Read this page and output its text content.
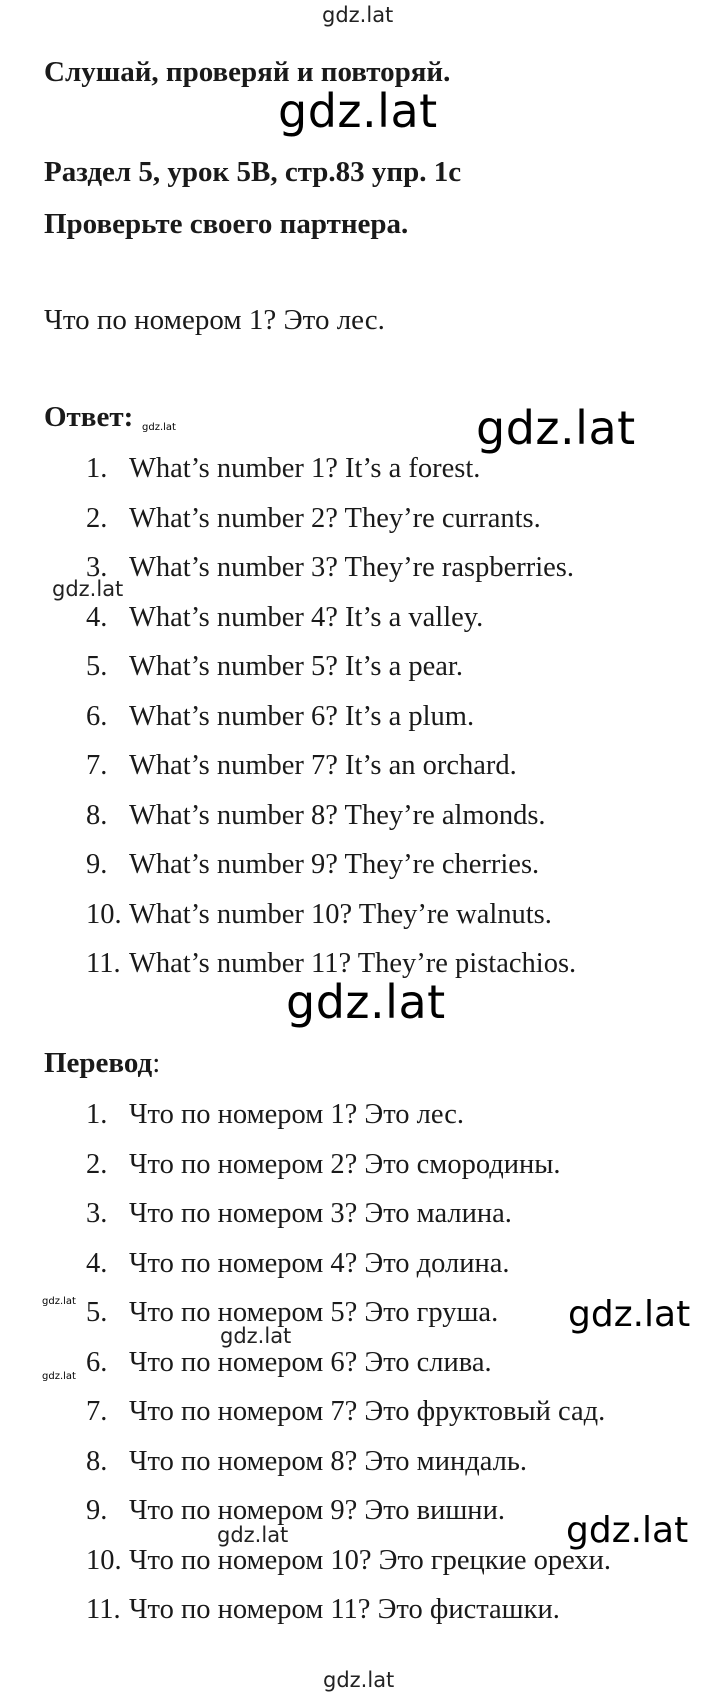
Слушай, проверяй и повторяй.
Раздел 5, урок 5B, стр.83 упр. 1c
Проверьте своего партнера.
Что по номером 1? Это лес.
Ответ:
1. What’s number 1? It’s a forest.
2. What’s number 2? They’re currants.
3. What’s number 3? They’re raspberries.
4. What’s number 4? It’s a valley.
5. What’s number 5? It’s a pear.
6. What’s number 6? It’s a plum.
7. What’s number 7? It’s an orchard.
8. What’s number 8? They’re almonds.
9. What’s number 9? They’re cherries.
10. What’s number 10? They’re walnuts.
11. What’s number 11? They’re pistachios.
Перевод:
1. Что по номером 1? Это лес.
2. Что по номером 2? Это смородины.
3. Что по номером 3? Это малина.
4. Что по номером 4? Это долина.
5. Что по номером 5? Это груша.
6. Что по номером 6? Это слива.
7. Что по номером 7? Это фруктовый сад.
8. Что по номером 8? Это миндаль.
9. Что по номером 9? Это вишни.
10. Что по номером 10? Это грецкие орехи.
11. Что по номером 11? Это фисташки.
gdz.lat
gdz.lat
gdz.lat
gdz.lat
gdz.lat
gdz.lat
gdz.lat
gdz.lat
gdz.lat
gdz.lat
gdz.lat
gdz.lat
gdz.lat
